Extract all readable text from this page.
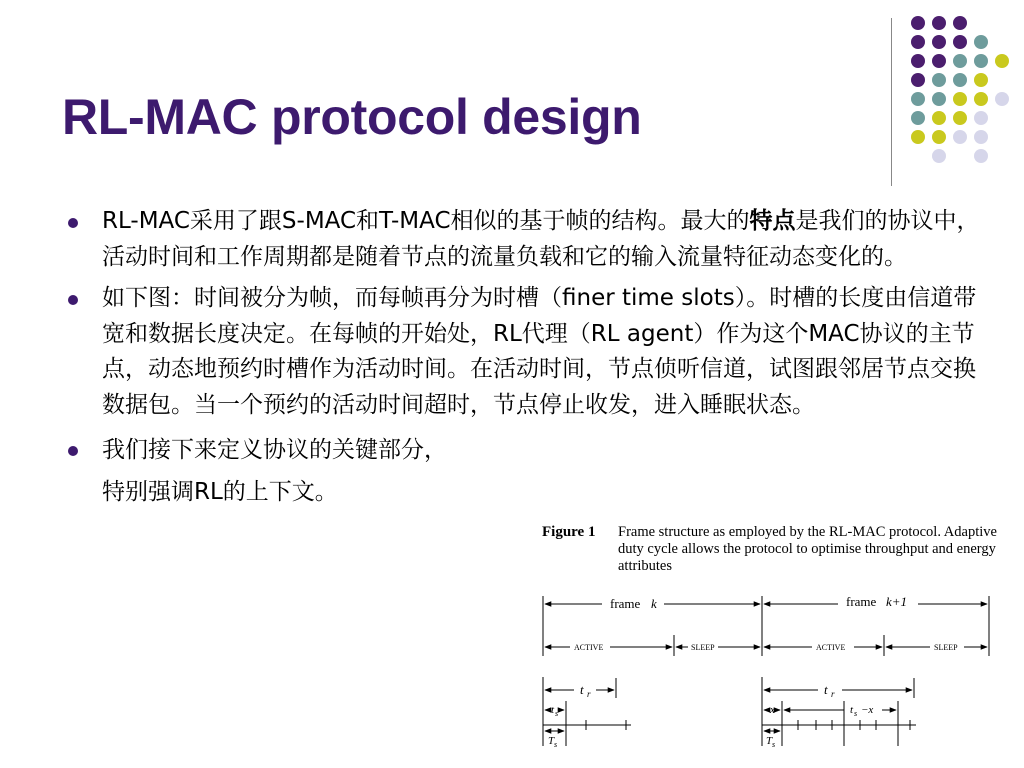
RL-MAC protocol design
RL-MAC采用了跟S-MAC和T-MAC相似的基于帧的结构。最大的特点是我们的协议中，活动时间和工作周期都是随着节点的流量负载和它的输入流量特征动态变化的。
如下图：时间被分为帧，而每帧再分为时槽（finer time slots）。时槽的长度由信道带宽和数据长度决定。在每帧的开始处，RL代理（RL agent）作为这个MAC协议的主节点，动态地预约时槽作为活动时间。在活动时间，节点侦听信道，试图跟邻居节点交换数据包。当一个预约的活动时间超时，节点停止收发，进入睡眠状态。
我们接下来定义协议的关键部分，特别强调RL的上下文。
Figure 1 Frame structure as employed by the RL-MAC protocol. Adaptive duty cycle allows the protocol to optimise throughput and energy attributes
frame k	frame k+1
ACTIVE	SLEEP	ACTIVE	SLEEP
t r
t s
T s
t r
x	t s −x
T s
